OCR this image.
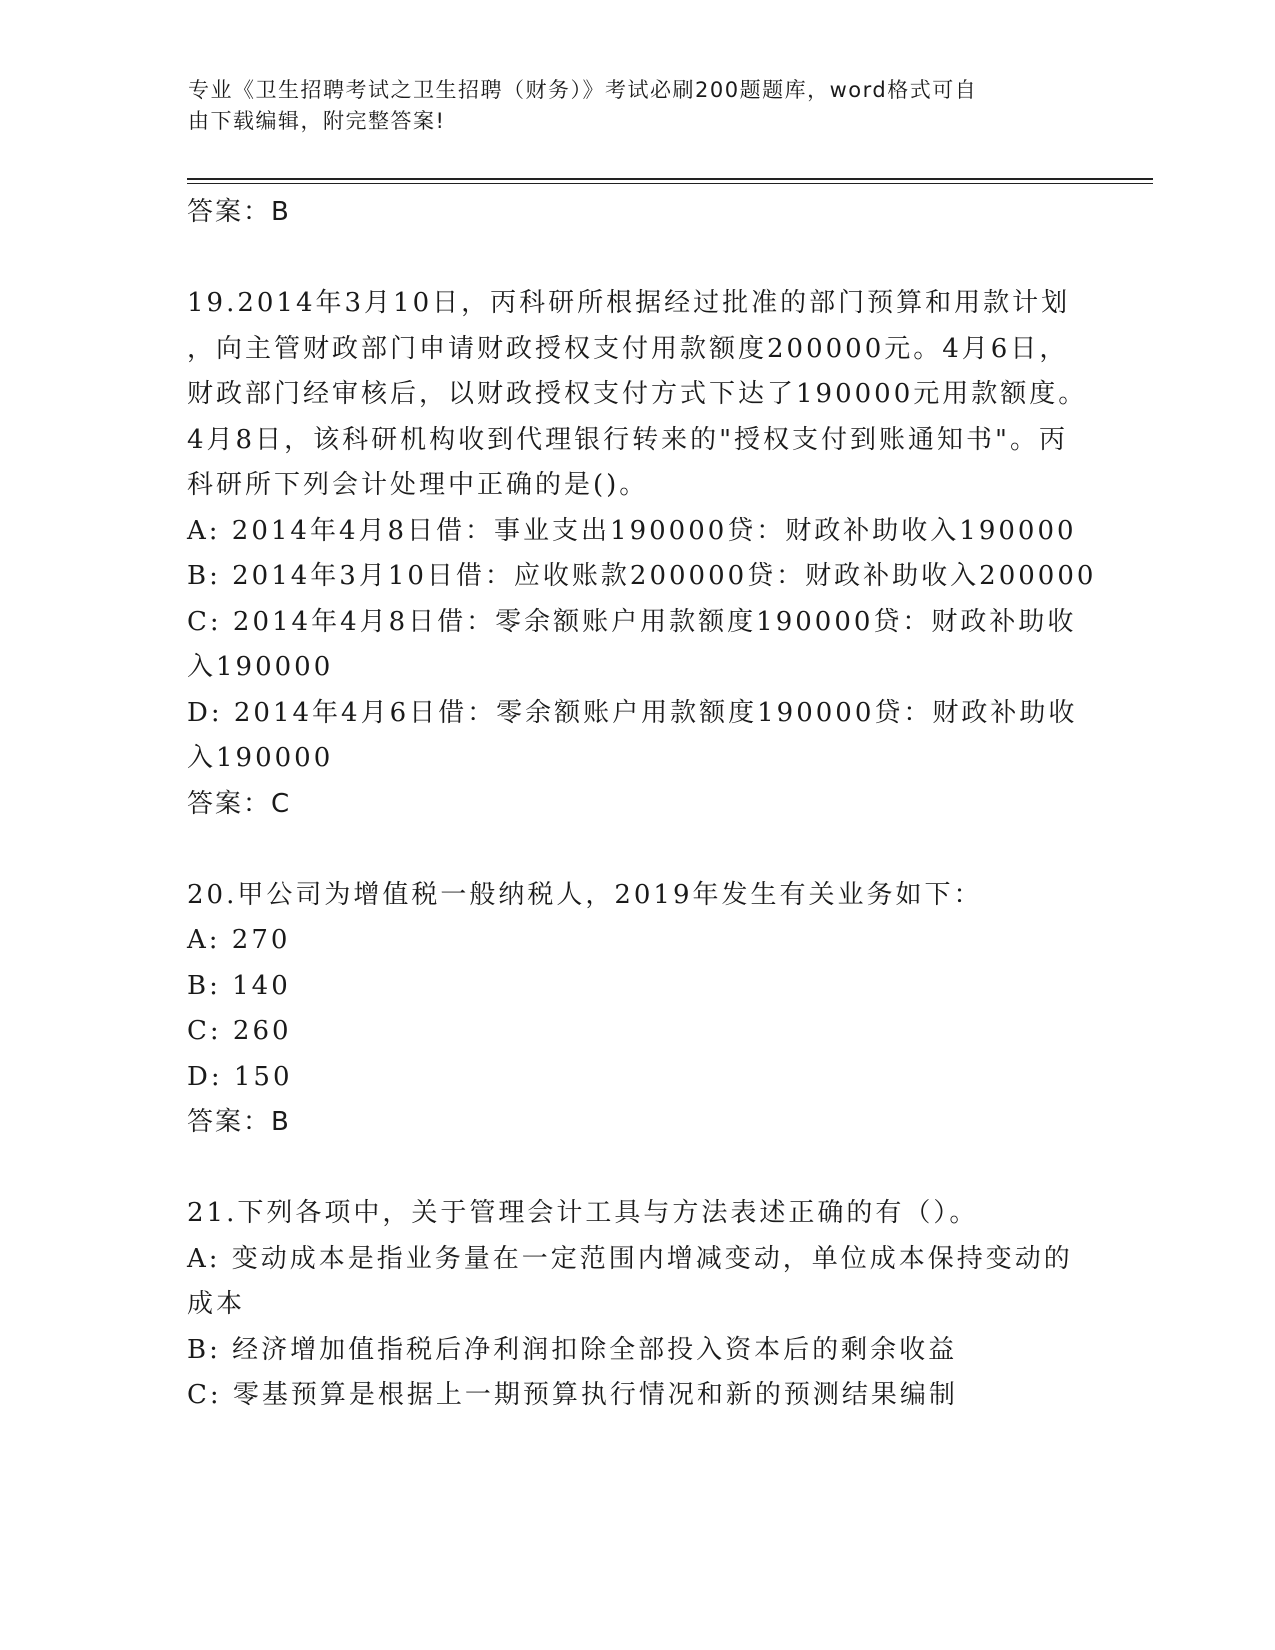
专业《卫生招聘考试之卫生招聘（财务）》考试必刷200题题库，word格式可自
由下载编辑，附完整答案!
答案：B
19.2014年3月10日，丙科研所根据经过批准的部门预算和用款计划
，向主管财政部门申请财政授权支付用款额度200000元。4月6日，
财政部门经审核后，以财政授权支付方式下达了190000元用款额度。
4月8日，该科研机构收到代理银行转来的"授权支付到账通知书"。丙
科研所下列会计处理中正确的是()。
A: 2014年4月8日借：事业支出190000贷：财政补助收入190000
B: 2014年3月10日借：应收账款200000贷：财政补助收入200000
C: 2014年4月8日借：零余额账户用款额度190000贷：财政补助收
入190000
D: 2014年4月6日借：零余额账户用款额度190000贷：财政补助收
入190000
答案：C
20.甲公司为增值税一般纳税人，2019年发生有关业务如下：
A: 270
B: 140
C: 260
D: 150
答案：B
21.下列各项中，关于管理会计工具与方法表述正确的有（）。
A: 变动成本是指业务量在一定范围内增减变动，单位成本保持变动的
成本
B: 经济增加值指税后净利润扣除全部投入资本后的剩余收益
C: 零基预算是根据上一期预算执行情况和新的预测结果编制
